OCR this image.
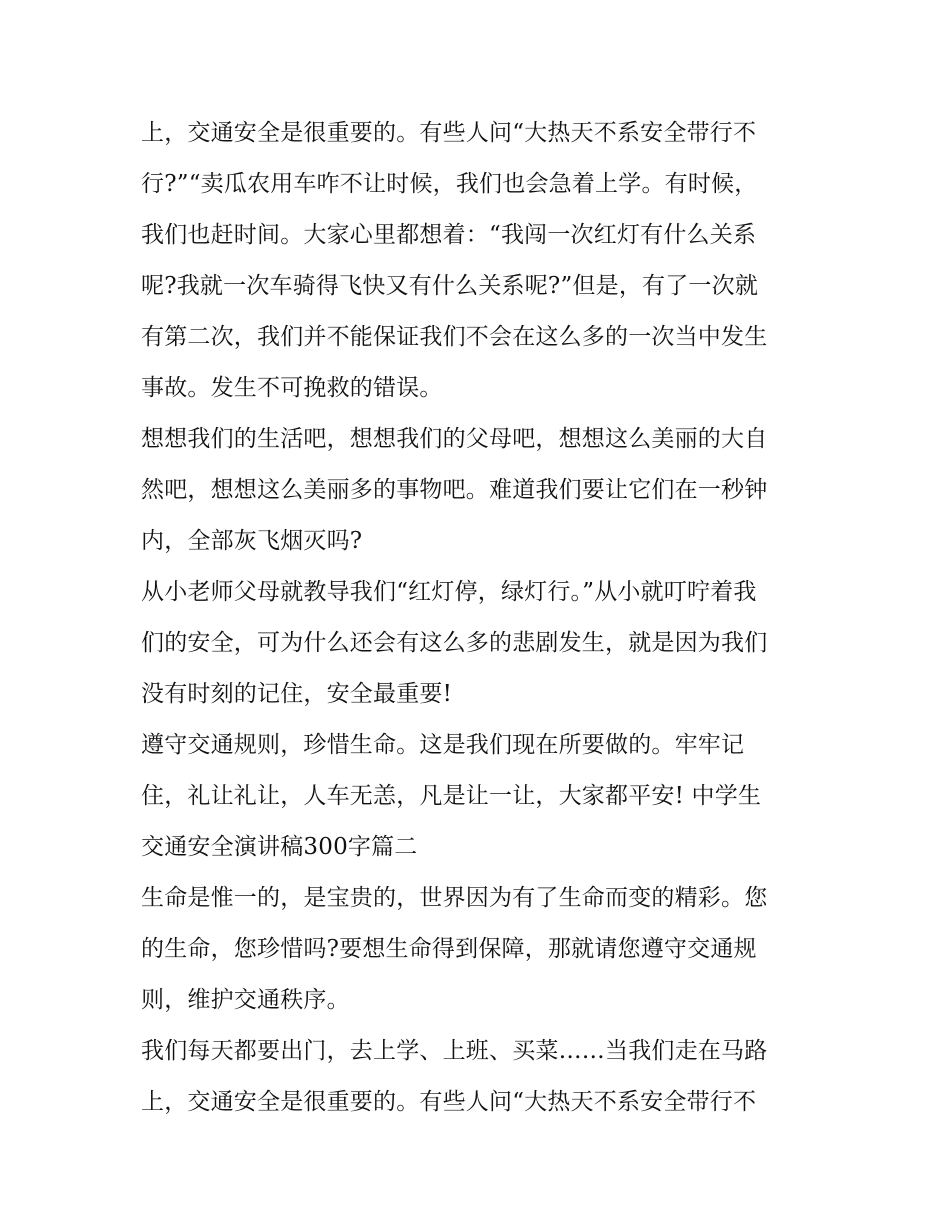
上，交通安全是很重要的。有些人问“大热天不系安全带行不
行?”“卖瓜农用车咋不让时候，我们也会急着上学。有时候，
我们也赶时间。大家心里都想着：“我闯一次红灯有什么关系
呢?我就一次车骑得飞快又有什么关系呢?”但是，有了一次就
有第二次，我们并不能保证我们不会在这么多的一次当中发生
事故。发生不可挽救的错误。
想想我们的生活吧，想想我们的父母吧，想想这么美丽的大自
然吧，想想这么美丽多的事物吧。难道我们要让它们在一秒钟
内，全部灰飞烟灭吗?
从小老师父母就教导我们“红灯停，绿灯行。”从小就叮咛着我
们的安全，可为什么还会有这么多的悲剧发生，就是因为我们
没有时刻的记住，安全最重要!
遵守交通规则，珍惜生命。这是我们现在所要做的。牢牢记
住，礼让礼让，人车无恙，凡是让一让，大家都平安! 中学生
交通安全演讲稿300字篇二
生命是惟一的，是宝贵的，世界因为有了生命而变的精彩。您
的生命，您珍惜吗?要想生命得到保障，那就请您遵守交通规
则，维护交通秩序。
我们每天都要出门，去上学、上班、买菜……当我们走在马路
上，交通安全是很重要的。有些人问“大热天不系安全带行不
